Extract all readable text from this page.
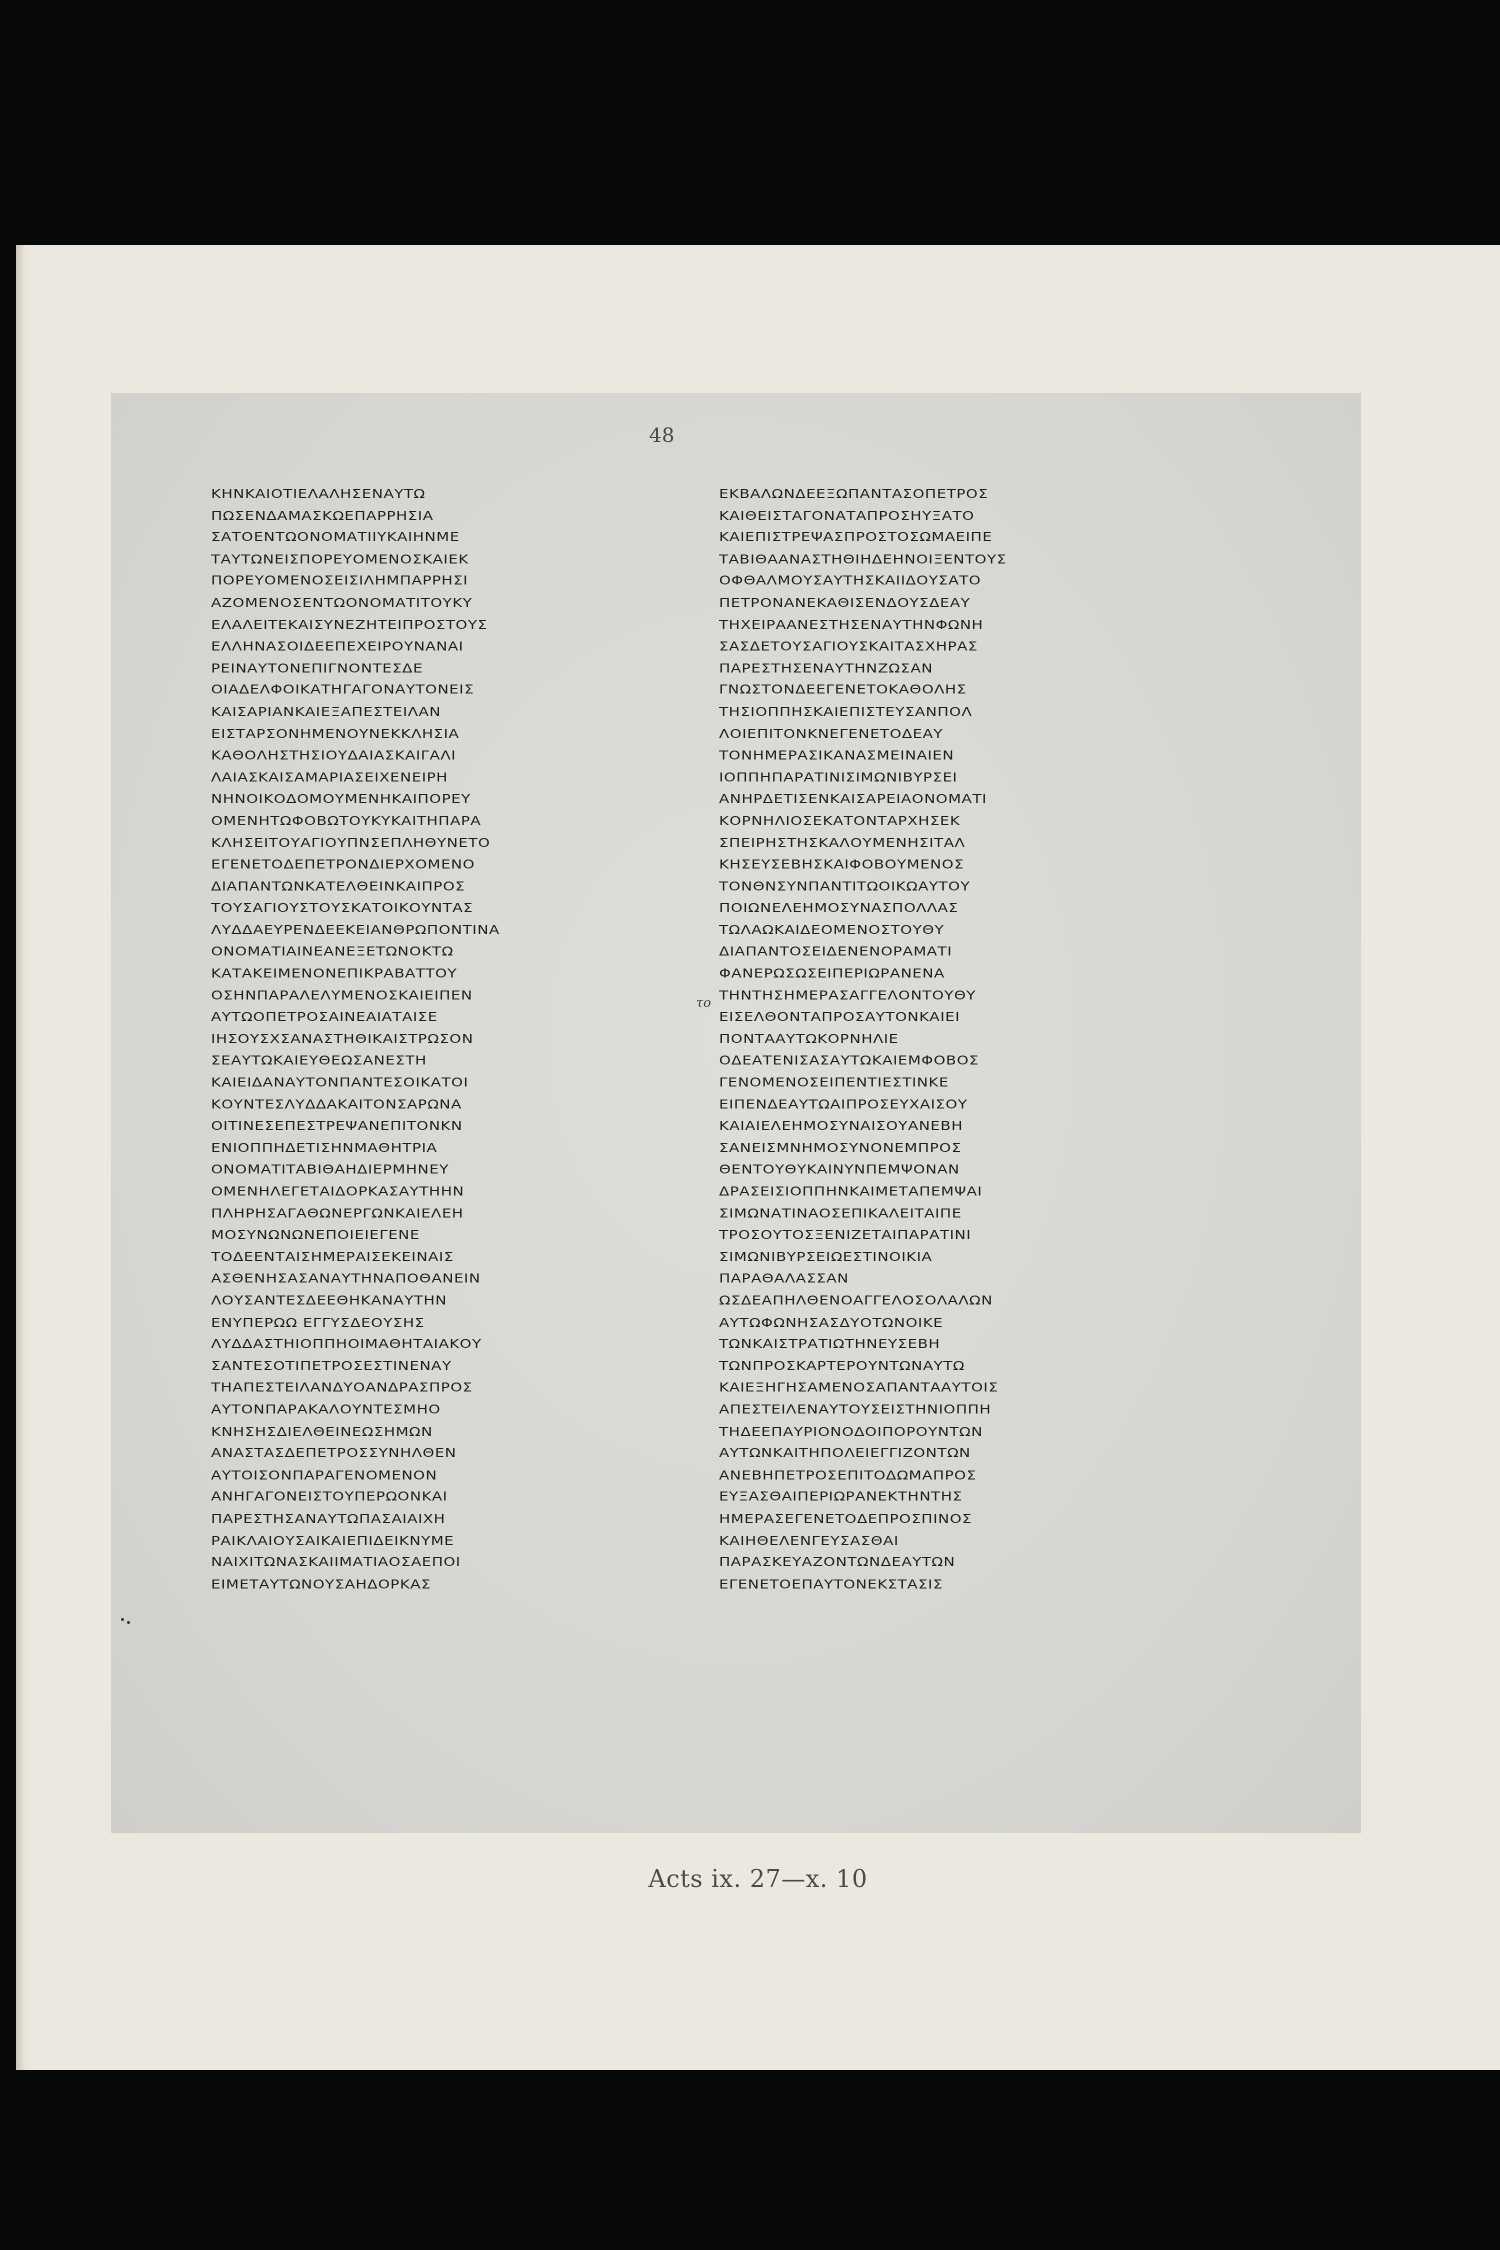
48
ΚΗΝΚΑΙΟΤΙΕΛΑΛΗΣΕΝΑΥΤΩ
ΠΩΣΕΝΔΑΜΑΣΚΩΕΠΑΡΡΗΣΙΑ
ΣΑΤΟΕΝΤΩΟΝΟΜΑΤΙΙΥΚΑΙΗΝΜΕ
ΤΑΥΤΩΝΕΙΣΠΟΡΕΥΟΜΕΝΟΣΚΑΙΕΚ
ΠΟΡΕΥΟΜΕΝΟΣΕΙΣΙΛΗΜΠΑΡΡΗΣΙ
ΑΖΟΜΕΝΟΣΕΝΤΩΟΝΟΜΑΤΙΤΟΥΚΥ
ΕΛΑΛΕΙΤΕΚΑΙΣΥΝΕΖΗΤΕΙΠΡΟΣΤΟΥΣ
ΕΛΛΗΝΑΣΟΙΔΕΕΠΕΧΕΙΡΟΥΝΑΝΑΙ
ΡΕΙΝΑΥΤΟΝΕΠΙΓΝΟΝΤΕΣΔΕ
ΟΙΑΔΕΛΦΟΙΚΑΤΗΓΑΓΟΝΑΥΤΟΝΕΙΣ
ΚΑΙΣΑΡΙΑΝΚΑΙΕΞΑΠΕΣΤΕΙΛΑΝ
ΕΙΣΤΑΡΣΟΝΗΜΕΝΟΥΝΕΚΚΛΗΣΙΑ
ΚΑΘΟΛΗΣΤΗΣΙΟΥΔΑΙΑΣΚΑΙΓΑΛΙ
ΛΑΙΑΣΚΑΙΣΑΜΑΡΙΑΣΕΙΧΕΝΕΙΡΗ
ΝΗΝΟΙΚΟΔΟΜΟΥΜΕΝΗΚΑΙΠΟΡΕΥ
ΟΜΕΝΗΤΩΦΟΒΩΤΟΥΚΥΚΑΙΤΗΠΑΡΑ
ΚΛΗΣΕΙΤΟΥΑΓΙΟΥΠΝΣΕΠΛΗΘΥΝΕΤΟ
ΕΓΕΝΕΤΟΔΕΠΕΤΡΟΝΔΙΕΡΧΟΜΕΝΟ
ΔΙΑΠΑΝΤΩΝΚΑΤΕΛΘΕΙΝΚΑΙΠΡΟΣ
ΤΟΥΣΑΓΙΟΥΣΤΟΥΣΚΑΤΟΙΚΟΥΝΤΑΣ
ΛΥΔΔΑΕΥΡΕΝΔΕΕΚΕΙΑΝΘΡΩΠΟΝΤΙΝΑ
ΟΝΟΜΑΤΙΑΙΝΕΑΝΕΞΕΤΩΝΟΚΤΩ
ΚΑΤΑΚΕΙΜΕΝΟΝΕΠΙΚΡΑΒΑΤΤΟΥ
ΟΣΗΝΠΑΡΑΛΕΛΥΜΕΝΟΣΚΑΙΕΙΠΕΝ
ΑΥΤΩΟΠΕΤΡΟΣΑΙΝΕΑΙΑΤΑΙΣΕ
ΙΗΣΟΥΣΧΣΑΝΑΣΤΗΘΙΚΑΙΣΤΡΩΣΟΝ
ΣΕΑΥΤΩΚΑΙΕΥΘΕΩΣΑΝΕΣΤΗ
ΚΑΙΕΙΔΑΝΑΥΤΟΝΠΑΝΤΕΣΟΙΚΑΤΟΙ
ΚΟΥΝΤΕΣΛΥΔΔΑΚΑΙΤΟΝΣΑΡΩΝΑ
ΟΙΤΙΝΕΣΕΠΕΣΤΡΕΨΑΝΕΠΙΤΟΝΚΝ
ΕΝΙΟΠΠΗΔΕΤΙΣΗΝΜΑΘΗΤΡΙΑ
ΟΝΟΜΑΤΙΤΑΒΙΘΑΗΔΙΕΡΜΗΝΕΥ
ΟΜΕΝΗΛΕΓΕΤΑΙΔΟΡΚΑΣΑΥΤΗΗΝ
ΠΛΗΡΗΣΑΓΑΘΩΝΕΡΓΩΝΚΑΙΕΛΕΗ
ΜΟΣΥΝΩΝΩΝΕΠΟΙΕΙΕΓΕΝΕ
ΤΟΔΕΕΝΤΑΙΣΗΜΕΡΑΙΣΕΚΕΙΝΑΙΣ
ΑΣΘΕΝΗΣΑΣΑΝΑΥΤΗΝΑΠΟΘΑΝΕΙΝ
ΛΟΥΣΑΝΤΕΣΔΕΕΘΗΚΑΝΑΥΤΗΝ
ΕΝΥΠΕΡΩΩ ΕΓΓΥΣΔΕΟΥΣΗΣ
ΛΥΔΔΑΣΤΗΙΟΠΠΗΟΙΜΑΘΗΤΑΙΑΚΟΥ
ΣΑΝΤΕΣΟΤΙΠΕΤΡΟΣΕΣΤΙΝΕΝΑΥ
ΤΗΑΠΕΣΤΕΙΛΑΝΔΥΟΑΝΔΡΑΣΠΡΟΣ
ΑΥΤΟΝΠΑΡΑΚΑΛΟΥΝΤΕΣΜΗΟ
ΚΝΗΣΗΣΔΙΕΛΘΕΙΝΕΩΣΗΜΩΝ
ΑΝΑΣΤΑΣΔΕΠΕΤΡΟΣΣΥΝΗΛΘΕΝ
ΑΥΤΟΙΣΟΝΠΑΡΑΓΕΝΟΜΕΝΟΝ
ΑΝΗΓΑΓΟΝΕΙΣΤΟΥΠΕΡΩΟΝΚΑΙ
ΠΑΡΕΣΤΗΣΑΝΑΥΤΩΠΑΣΑΙΑΙΧΗ
ΡΑΙΚΛΑΙΟΥΣΑΙΚΑΙΕΠΙΔΕΙΚΝΥΜΕ
ΝΑΙΧΙΤΩΝΑΣΚΑΙΙΜΑΤΙΑΟΣΑΕΠΟΙ
ΕΙΜΕΤΑΥΤΩΝΟΥΣΑΗΔΟΡΚΑΣ
το
ΕΚΒΑΛΩΝΔΕΕΞΩΠΑΝΤΑΣΟΠΕΤΡΟΣ
ΚΑΙΘΕΙΣΤΑΓΟΝΑΤΑΠΡΟΣΗΥΞΑΤΟ
ΚΑΙΕΠΙΣΤΡΕΨΑΣΠΡΟΣΤΟΣΩΜΑΕΙΠΕ
ΤΑΒΙΘΑΑΝΑΣΤΗΘΙΗΔΕΗΝΟΙΞΕΝΤΟΥΣ
ΟΦΘΑΛΜΟΥΣΑΥΤΗΣΚΑΙΙΔΟΥΣΑΤΟ
ΠΕΤΡΟΝΑΝΕΚΑΘΙΣΕΝΔΟΥΣΔΕΑΥ
ΤΗΧΕΙΡΑΑΝΕΣΤΗΣΕΝΑΥΤΗΝΦΩΝΗ
ΣΑΣΔΕΤΟΥΣΑΓΙΟΥΣΚΑΙΤΑΣΧΗΡΑΣ
ΠΑΡΕΣΤΗΣΕΝΑΥΤΗΝΖΩΣΑΝ
ΓΝΩΣΤΟΝΔΕΕΓΕΝΕΤΟΚΑΘΟΛΗΣ
ΤΗΣΙΟΠΠΗΣΚΑΙΕΠΙΣΤΕΥΣΑΝΠΟΛ
ΛΟΙΕΠΙΤΟΝΚΝΕΓΕΝΕΤΟΔΕΑΥ
ΤΟΝΗΜΕΡΑΣΙΚΑΝΑΣΜΕΙΝΑΙΕΝ
ΙΟΠΠΗΠΑΡΑΤΙΝΙΣΙΜΩΝΙΒΥΡΣΕΙ
ΑΝΗΡΔΕΤΙΣΕΝΚΑΙΣΑΡΕΙΑΟΝΟΜΑΤΙ
ΚΟΡΝΗΛΙΟΣΕΚΑΤΟΝΤΑΡΧΗΣΕΚ
ΣΠΕΙΡΗΣΤΗΣΚΑΛΟΥΜΕΝΗΣΙΤΑΛ
ΚΗΣΕΥΣΕΒΗΣΚΑΙΦΟΒΟΥΜΕΝΟΣ
ΤΟΝΘΝΣΥΝΠΑΝΤΙΤΩΟΙΚΩΑΥΤΟΥ
ΠΟΙΩΝΕΛΕΗΜΟΣΥΝΑΣΠΟΛΛΑΣ
ΤΩΛΑΩΚΑΙΔΕΟΜΕΝΟΣΤΟΥΘΥ
ΔΙΑΠΑΝΤΟΣΕΙΔΕΝΕΝΟΡΑΜΑΤΙ
ΦΑΝΕΡΩΣΩΣΕΙΠΕΡΙΩΡΑΝΕΝΑ
ΤΗΝΤΗΣΗΜΕΡΑΣΑΓΓΕΛΟΝΤΟΥΘΥ
ΕΙΣΕΛΘΟΝΤΑΠΡΟΣΑΥΤΟΝΚΑΙΕΙ
ΠΟΝΤΑΑΥΤΩΚΟΡΝΗΛΙΕ
ΟΔΕΑΤΕΝΙΣΑΣΑΥΤΩΚΑΙΕΜΦΟΒΟΣ
ΓΕΝΟΜΕΝΟΣΕΙΠΕΝΤΙΕΣΤΙΝΚΕ
ΕΙΠΕΝΔΕΑΥΤΩΑΙΠΡΟΣΕΥΧΑΙΣΟΥ
ΚΑΙΑΙΕΛΕΗΜΟΣΥΝΑΙΣΟΥΑΝΕΒΗ
ΣΑΝΕΙΣΜΝΗΜΟΣΥΝΟΝΕΜΠΡΟΣ
ΘΕΝΤΟΥΘΥΚΑΙΝΥΝΠΕΜΨΟΝΑΝ
ΔΡΑΣΕΙΣΙΟΠΠΗΝΚΑΙΜΕΤΑΠΕΜΨΑΙ
ΣΙΜΩΝΑΤΙΝΑΟΣΕΠΙΚΑΛΕΙΤΑΙΠΕ
ΤΡΟΣΟΥΤΟΣΞΕΝΙΖΕΤΑΙΠΑΡΑΤΙΝΙ
ΣΙΜΩΝΙΒΥΡΣΕΙΩΕΣΤΙΝΟΙΚΙΑ
ΠΑΡΑΘΑΛΑΣΣΑΝ
ΩΣΔΕΑΠΗΛΘΕΝΟΑΓΓΕΛΟΣΟΛΑΛΩΝ
ΑΥΤΩΦΩΝΗΣΑΣΔΥΟΤΩΝΟΙΚΕ
ΤΩΝΚΑΙΣΤΡΑΤΙΩΤΗΝΕΥΣΕΒΗ
ΤΩΝΠΡΟΣΚΑΡΤΕΡΟΥΝΤΩΝΑΥΤΩ
ΚΑΙΕΞΗΓΗΣΑΜΕΝΟΣΑΠΑΝΤΑΑΥΤΟΙΣ
ΑΠΕΣΤΕΙΛΕΝΑΥΤΟΥΣΕΙΣΤΗΝΙΟΠΠΗ
ΤΗΔΕΕΠΑΥΡΙΟΝΟΔΟΙΠΟΡΟΥΝΤΩΝ
ΑΥΤΩΝΚΑΙΤΗΠΟΛΕΙΕΓΓΙΖΟΝΤΩΝ
ΑΝΕΒΗΠΕΤΡΟΣΕΠΙΤΟΔΩΜΑΠΡΟΣ
ΕΥΞΑΣΘΑΙΠΕΡΙΩΡΑΝΕΚΤΗΝΤΗΣ
ΗΜΕΡΑΣΕΓΕΝΕΤΟΔΕΠΡΟΣΠΙΝΟΣ
ΚΑΙΗΘΕΛΕΝΓΕΥΣΑΣΘΑΙ
ΠΑΡΑΣΚΕΥΑΖΟΝΤΩΝΔΕΑΥΤΩΝ
ΕΓΕΝΕΤΟΕΠΑΥΤΟΝΕΚΣΤΑΣΙΣ
Acts ix. 27—x. 10
